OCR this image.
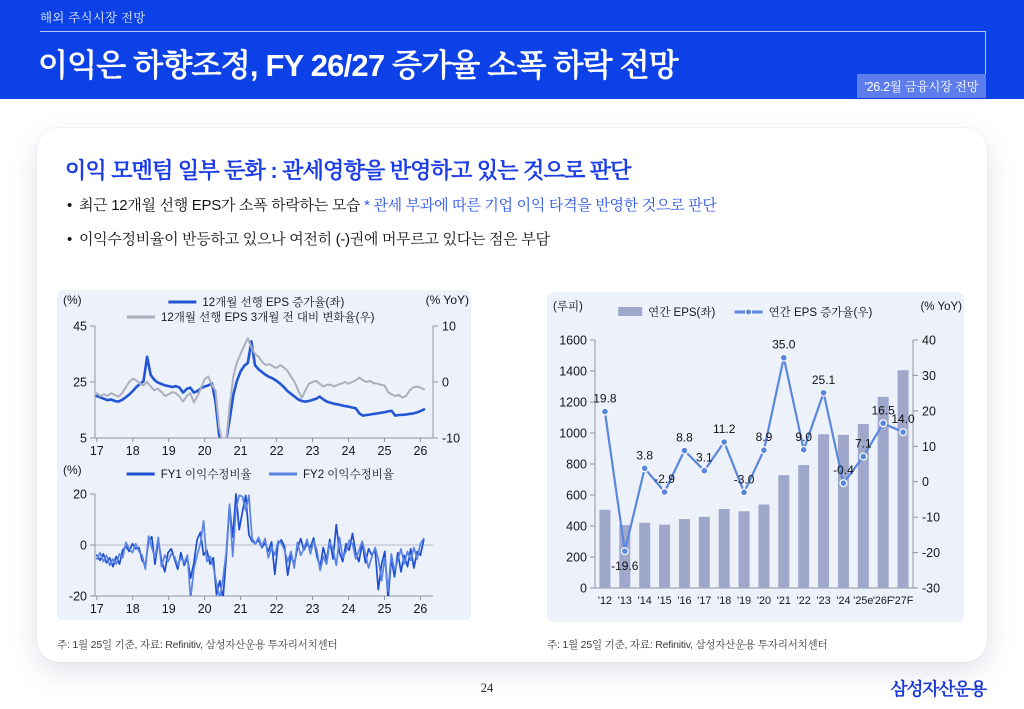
해외 주식시장 전망
이익은 하향조정, FY 26/27 증가율 소폭 하락 전망
'26.2월 금융시장 전망
이익 모멘텀 일부 둔화 : 관세영향을 반영하고 있는 것으로 판단
• 최근 12개월 선행 EPS가 소폭 하락하는 모습 * 관세 부과에 따른 기업 이익 타격을 반영한 것으로 판단
• 이익수정비율이 반등하고 있으나 여전히 (-)권에 머무르고 있다는 점은 부담
45
25
5
10
0
-10
17 18 19 20 21 22 23 24 25 26
12개월 선행 EPS 증가율(좌)
12개월 선행 EPS 3개월 전 대비 변화율(우)
(%)	(% YoY)
20
0
-20
17 18 19 20 21 22 23 24 25 26
FY1 이익수정비율	FY2 이익수정비율
(%)
0
200
400
600
800
1000
1200
1400
1600	40
30
20
10
0
-10
-20
-30
'12 '13 '14 '15 '16 '17 '18 '19 '20 '21 '22 '23 '24 '25e '26F '27F
19.8
-19.6
3.8
-2.9
8.8
3.1
11.2
-3.0
8.9
35.0
9.0
25.1
-0.4
7.1
16.5
14.0
연간 EPS(좌)	연간 EPS 증가율(우)
(루피)	(% YoY)
주: 1월 25일 기준, 자료: Refinitiv, 삼성자산운용 투자리서치센터	주: 1월 25일 기준, 자료: Refinitiv, 삼성자산운용 투자리서치센터
24	삼성자산운용
